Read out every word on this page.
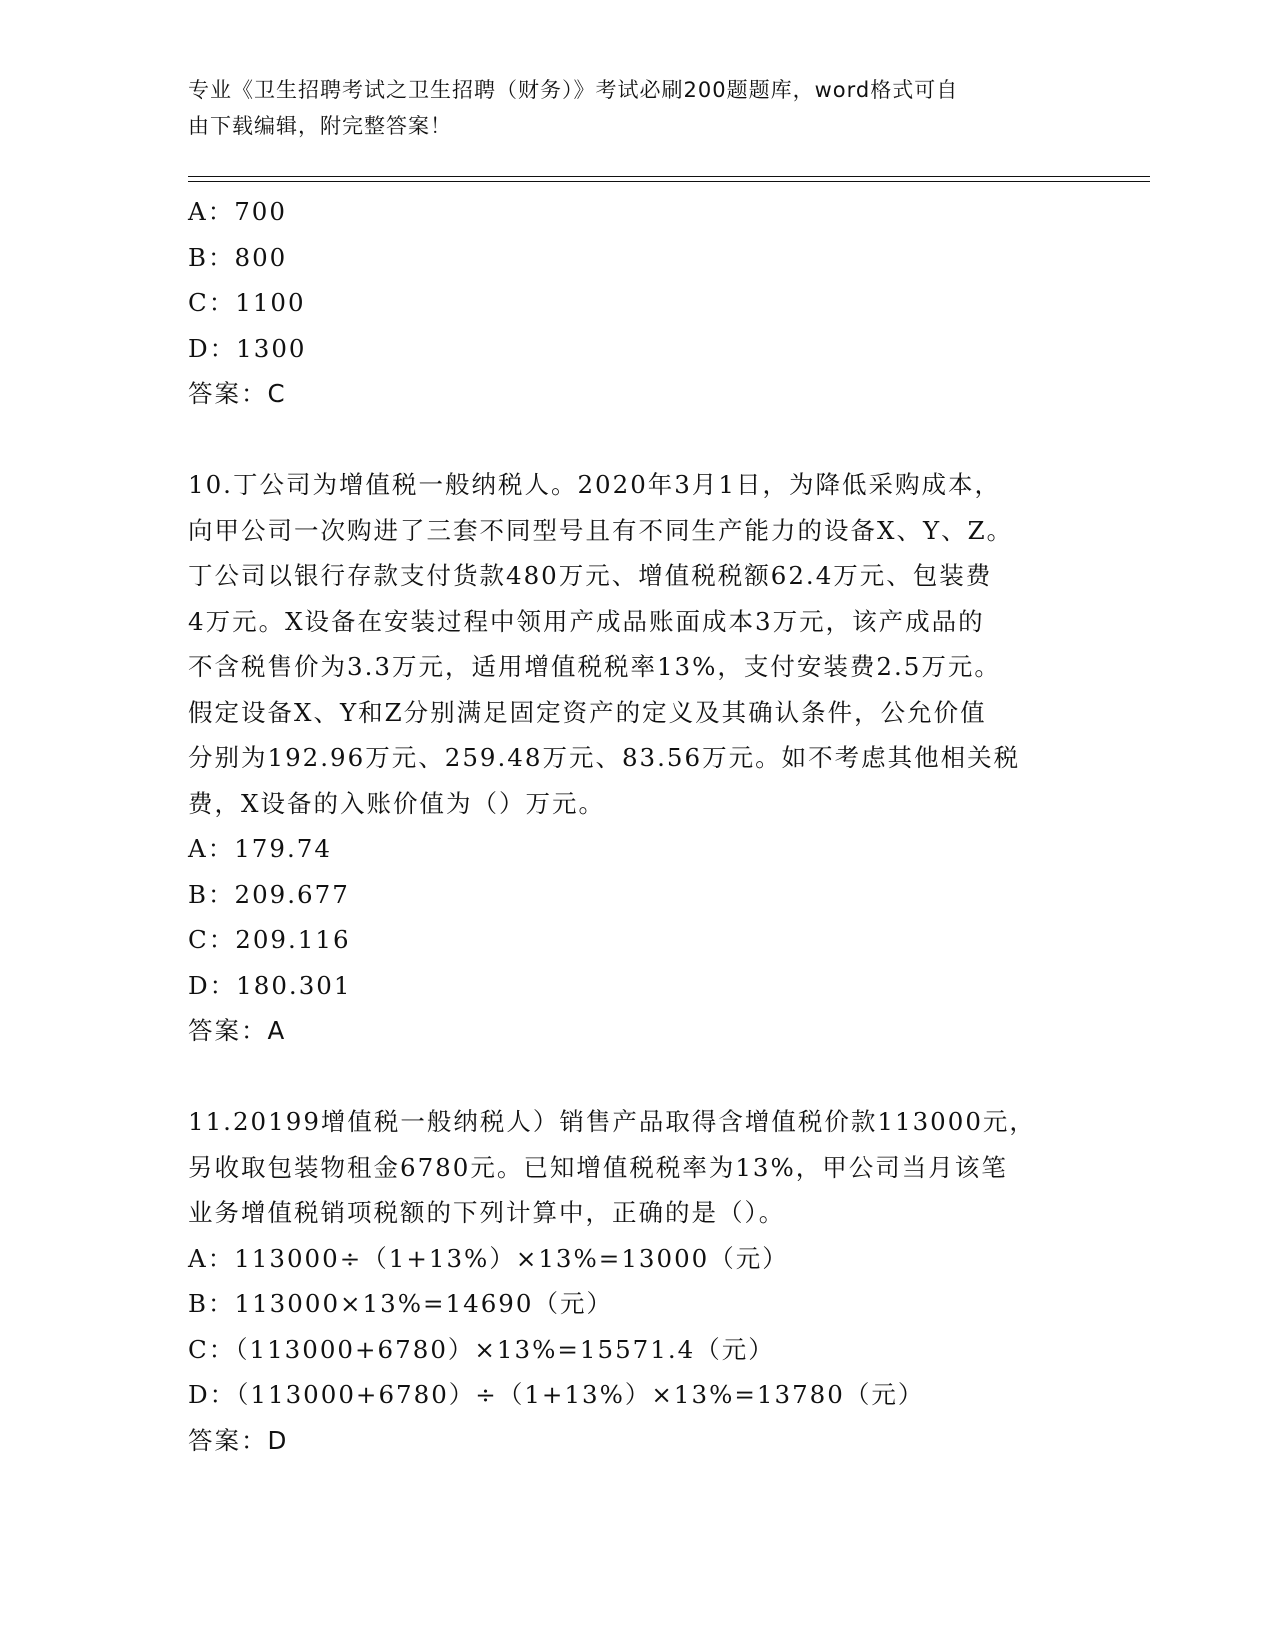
专业《卫生招聘考试之卫生招聘（财务）》考试必刷200题题库，word格式可自
由下载编辑，附完整答案！
A：700
B：800
C：1100
D：1300
答案：C
10.丁公司为增值税一般纳税人。2020年3月1日，为降低采购成本，
向甲公司一次购进了三套不同型号且有不同生产能力的设备X、Y、Z。
丁公司以银行存款支付货款480万元、增值税税额62.4万元、包装费
4万元。X设备在安装过程中领用产成品账面成本3万元，该产成品的
不含税售价为3.3万元，适用增值税税率13%，支付安装费2.5万元。
假定设备X、Y和Z分别满足固定资产的定义及其确认条件，公允价值
分别为192.96万元、259.48万元、83.56万元。如不考虑其他相关税
费，X设备的入账价值为（）万元。
A：179.74
B：209.677
C：209.116
D：180.301
答案：A
11.20199增值税一般纳税人）销售产品取得含增值税价款113000元，
另收取包装物租金6780元。已知增值税税率为13%，甲公司当月该笔
业务增值税销项税额的下列计算中，正确的是（）。
A：113000÷（1+13%）×13%=13000（元）
B：113000×13%=14690（元）
C：（113000+6780）×13%=15571.4（元）
D：（113000+6780）÷（1+13%）×13%=13780（元）
答案：D
